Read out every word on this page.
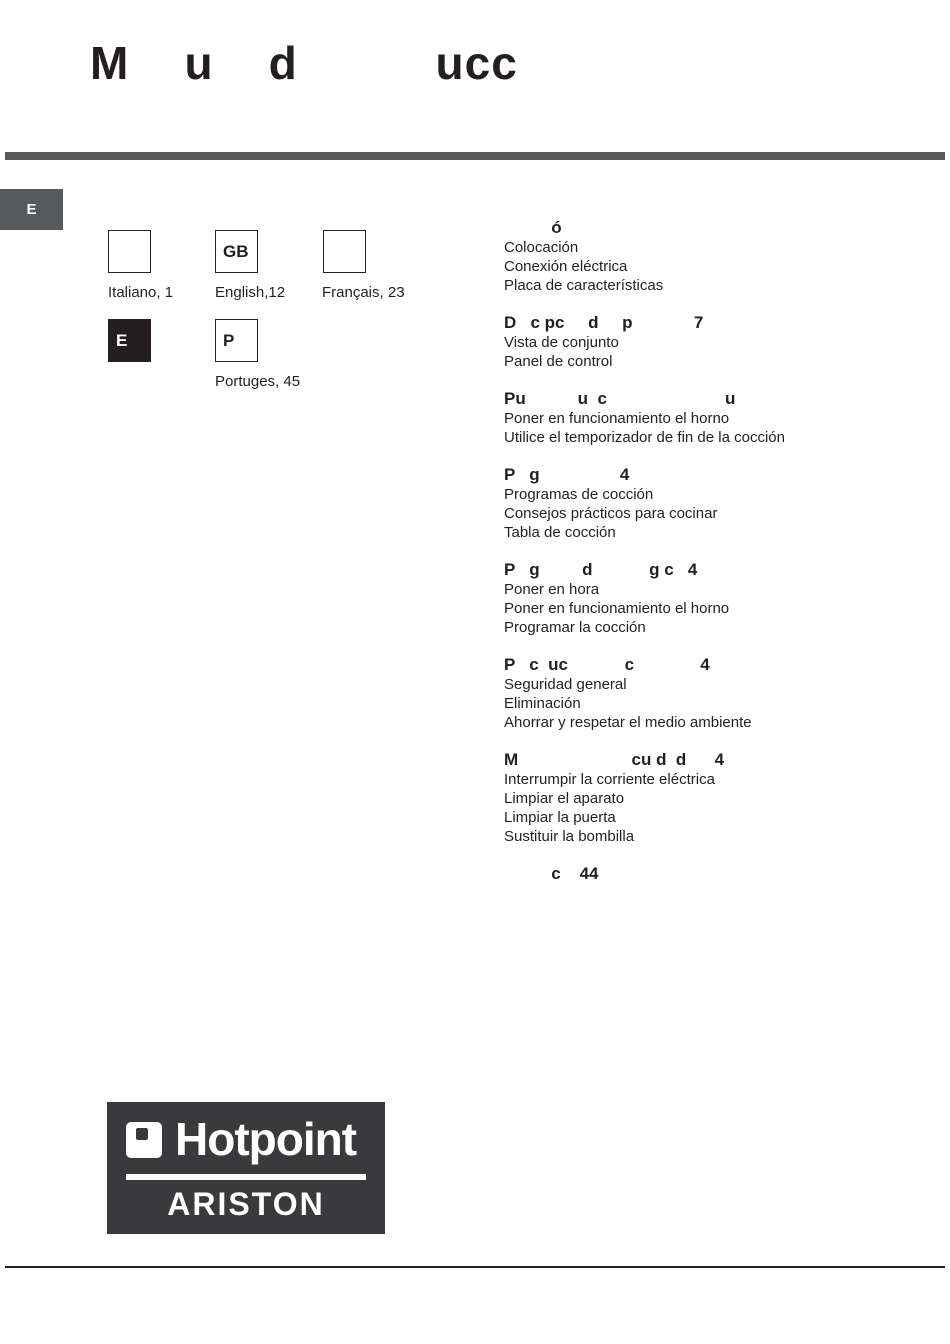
M    u    d          ucc
E
Italiano, 1
GB
English,12 Français, 23
E	P
Portuges, 45
ó
Colocación
Conexión eléctrica
Placa de características
D   c pc     d     p             7
Vista de conjunto
Panel de control
Pu           u  c                         u
Poner en funcionamiento el horno
Utilice el temporizador de fin de la cocción
P   g                 4
Programas de cocción
Consejos prácticos para cocinar
Tabla de cocción
P   g         d            g c   4
Poner en hora
Poner en funcionamiento el horno
Programar la cocción
P   c  uc            c              4
Seguridad general
Eliminación
Ahorrar y respetar el medio ambiente
M                        cu d  d      4
Interrumpir la corriente eléctrica
Limpiar el aparato
Limpiar la puerta
Sustituir la bombilla
c    44
Hotpoint
ARISTON
